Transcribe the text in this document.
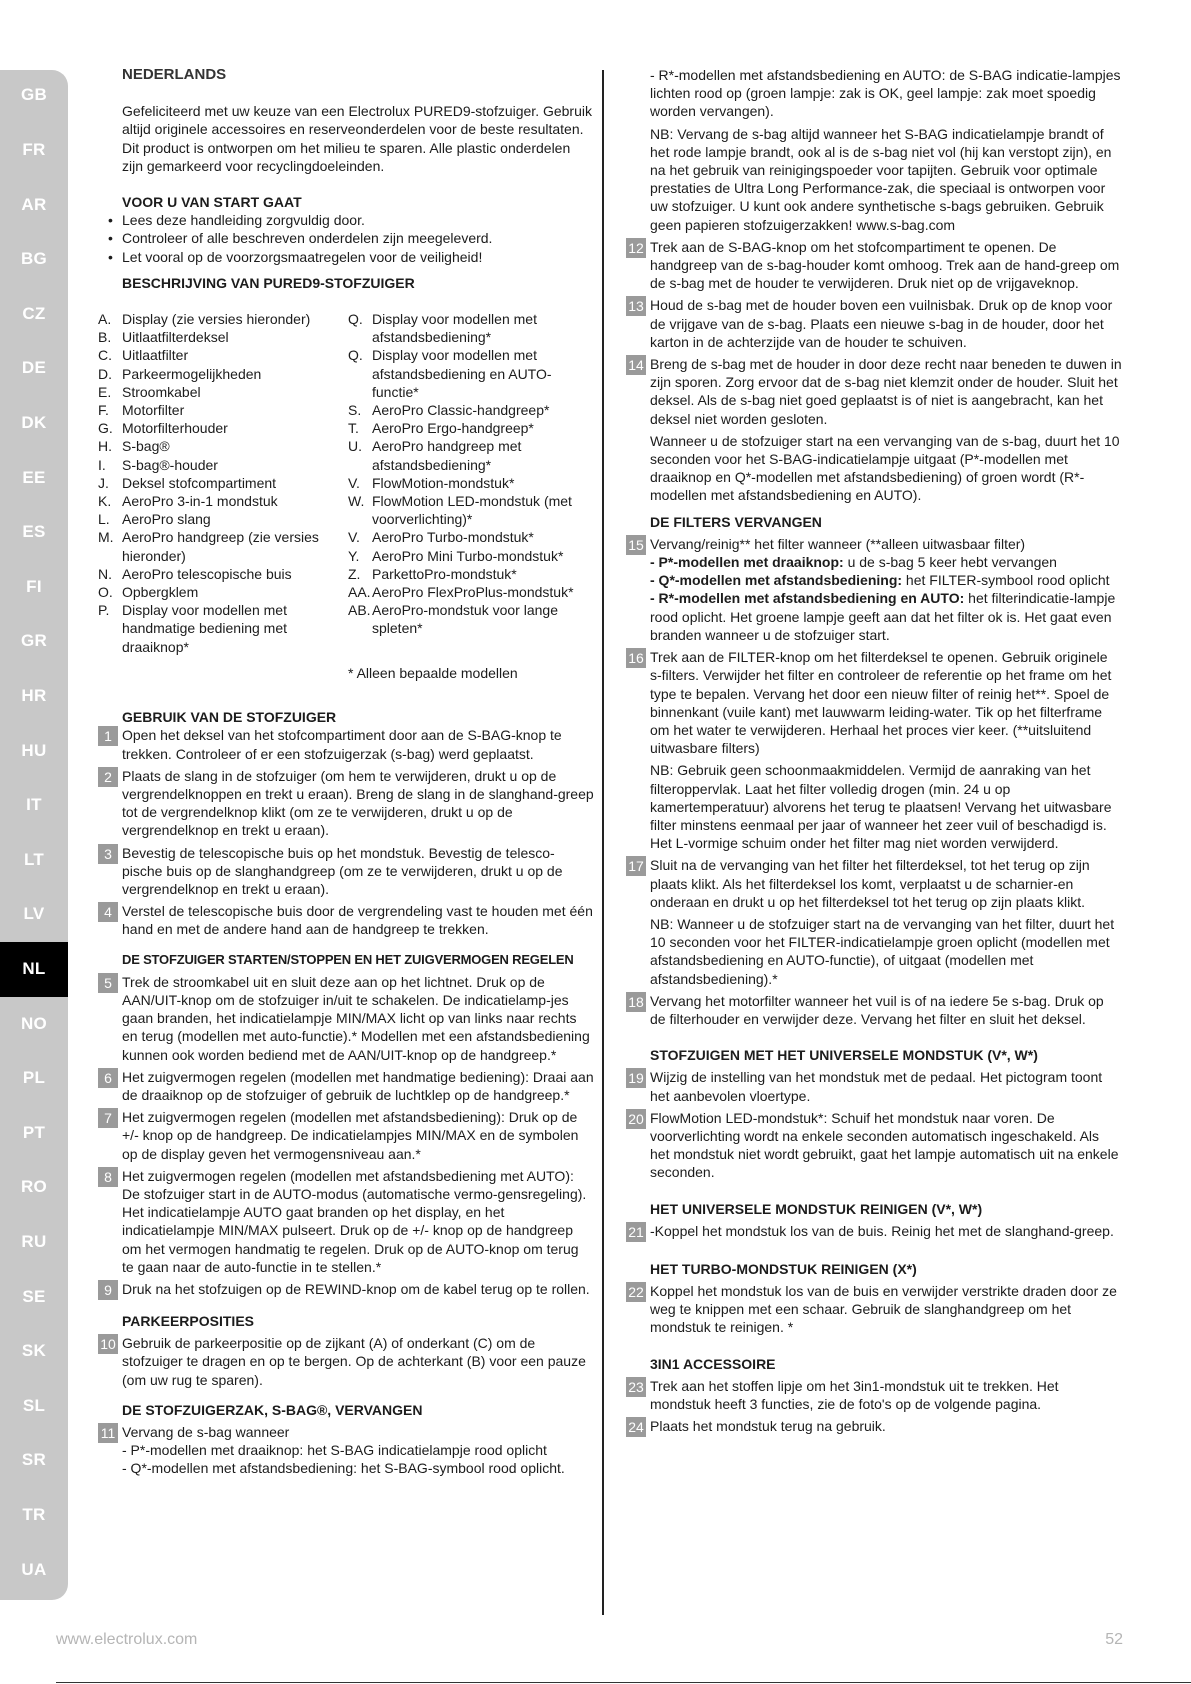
GB
FR
AR
BG
CZ
DE
DK
EE
ES
FI
GR
HR
HU
IT
LT
LV
NL
NO
PL
PT
RO
RU
SE
SK
SL
SR
TR
UA

NEDERLANDS

Gefeliciteerd met uw keuze van een Electrolux PURED9-stofzuiger. Gebruik altijd originele accessoires en reserveonderdelen voor de beste resultaten. Dit product is ontworpen om het milieu te sparen. Alle plastic onderdelen zijn gemarkeerd voor recyclingdoeleinden.

VOOR U VAN START GAAT

• Lees deze handleiding zorgvuldig door.
• Controleer of alle beschreven onderdelen zijn meegeleverd.
• Let vooral op de voorzorgsmaatregelen voor de veiligheid!

BESCHRIJVING VAN PURED9-STOFZUIGER

A. Display (zie versies hieronder)
B. Uitlaatfilterdeksel
C. Uitlaatfilter
D. Parkeermogelijkheden
E. Stroomkabel
F. Motorfilter
G. Motorfilterhouder
H. S-bag®
I.	S-bag®-houder
J. Deksel stofcompartiment
K. AeroPro 3-in-1 mondstuk
L. AeroPro slang
M. AeroPro handgreep (zie versies hieronder)
N. AeroPro telescopische buis
O. Opbergklem
P. Display voor modellen met handmatige bediening met draaiknop*
Q. Display voor modellen met afstandsbediening*
Q. Display voor modellen met afstandsbediening en AUTO-functie*
S. AeroPro Classic-handgreep*
T. AeroPro Ergo-handgreep*
U. AeroPro handgreep met afstandsbediening*
V. FlowMotion-mondstuk*
W. FlowMotion LED-mondstuk (met voorverlichting)*
V. AeroPro Turbo-mondstuk*
Y. AeroPro Mini Turbo-mondstuk*
Z. ParkettoPro-mondstuk*
AA. AeroPro FlexProPlus-mondstuk*
AB. AeroPro-mondstuk voor lange spleten*

* Alleen bepaalde modellen

GEBRUIK VAN DE STOFZUIGER

1 Open het deksel van het stofcompartiment door aan de S-BAG-knop te trekken. Controleer of er een stofzuigerzak (s-bag) werd geplaatst.
2 Plaats de slang in de stofzuiger (om hem te verwijderen, drukt u op de vergrendelknoppen en trekt u eraan). Breng de slang in de slanghand-greep tot de vergrendelknop klikt (om ze te verwijderen, drukt u op de vergrendelknop en trekt u eraan).
3 Bevestig de telescopische buis op het mondstuk. Bevestig de telesco-pische buis op de slanghandgreep (om ze te verwijderen, drukt u op de vergrendelknop en trekt u eraan).
4 Verstel de telescopische buis door de vergrendeling vast te houden met één hand en met de andere hand aan de handgreep te trekken.

DE STOFZUIGER STARTEN/STOPPEN EN HET ZUIGVERMOGEN REGELEN

5 Trek de stroomkabel uit en sluit deze aan op het lichtnet. Druk op de AAN/UIT-knop om de stofzuiger in/uit te schakelen. De indicatielamp-jes gaan branden, het indicatielampje MIN/MAX licht op van links naar rechts en terug (modellen met auto-functie).* Modellen met een afstandsbediening kunnen ook worden bediend met de AAN/UIT-knop op de handgreep.*
6 Het zuigvermogen regelen (modellen met handmatige bediening): Draai aan de draaiknop op de stofzuiger of gebruik de luchtklep op de handgreep.*
7 Het zuigvermogen regelen (modellen met afstandsbediening): Druk op de +/- knop op de handgreep. De indicatielampjes MIN/MAX en de symbolen op de display geven het vermogensniveau aan.*
8 Het zuigvermogen regelen (modellen met afstandsbediening met AUTO): De stofzuiger start in de AUTO-modus (automatische vermo-gensregeling). Het indicatielampje AUTO gaat branden op het display, en het indicatielampje MIN/MAX pulseert. Druk op de +/- knop op de handgreep om het vermogen handmatig te regelen. Druk op de AUTO-knop om terug te gaan naar de auto-functie in te stellen.*
9 Druk na het stofzuigen op de REWIND-knop om de kabel terug op te rollen.

PARKEERPOSITIES

10 Gebruik de parkeerpositie op de zijkant (A) of onderkant (C) om de stofzuiger te dragen en op te bergen. Op de achterkant (B) voor een pauze (om uw rug te sparen).

DE STOFZUIGERZAK, S-BAG®, VERVANGEN

11 Vervang de s-bag wanneer
- P*-modellen met draaiknop: het S-BAG indicatielampje rood oplicht
- Q*-modellen met afstandsbediening: het S-BAG-symbool rood oplicht.

- R*-modellen met afstandsbediening en AUTO: de S-BAG indicatie-lampjes lichten rood op (groen lampje: zak is OK, geel lampje: zak moet spoedig worden vervangen).

NB: Vervang de s-bag altijd wanneer het S-BAG indicatielampje brandt of het rode lampje brandt, ook al is de s-bag niet vol (hij kan verstopt zijn), en na het gebruik van reinigingspoeder voor tapijten. Gebruik voor optimale prestaties de Ultra Long Performance-zak, die speciaal is ontworpen voor uw stofzuiger. U kunt ook andere synthetische s-bags gebruiken. Gebruik geen papieren stofzuigerzakken! www.s-bag.com

12 Trek aan de S-BAG-knop om het stofcompartiment te openen. De handgreep van de s-bag-houder komt omhoog. Trek aan de hand-greep om de s-bag met de houder te verwijderen. Druk niet op de vrijgaveknop.
13 Houd de s-bag met de houder boven een vuilnisbak. Druk op de knop voor de vrijgave van de s-bag. Plaats een nieuwe s-bag in de houder, door het karton in de achterzijde van de houder te schuiven.
14 Breng de s-bag met de houder in door deze recht naar beneden te duwen in zijn sporen. Zorg ervoor dat de s-bag niet klemzit onder de houder. Sluit het deksel. Als de s-bag niet goed geplaatst is of niet is aangebracht, kan het deksel niet worden gesloten.

Wanneer u de stofzuiger start na een vervanging van de s-bag, duurt het 10 seconden voor het S-BAG-indicatielampje uitgaat (P*-modellen met draaiknop en Q*-modellen met afstandsbediening) of groen wordt (R*-modellen met afstandsbediening en AUTO).

DE FILTERS VERVANGEN

15 Vervang/reinig** het filter wanneer (**alleen uitwasbaar filter)
- P*-modellen met draaiknop: u de s-bag 5 keer hebt vervangen
- Q*-modellen met afstandsbediening: het FILTER-symbool rood oplicht
- R*-modellen met afstandsbediening en AUTO: het filterindicatie-lampje rood oplicht. Het groene lampje geeft aan dat het filter ok is. Het gaat even branden wanneer u de stofzuiger start.
16 Trek aan de FILTER-knop om het filterdeksel te openen. Gebruik originele s-filters. Verwijder het filter en controleer de referentie op het frame om het type te bepalen. Vervang het door een nieuw filter of reinig het**. Spoel de binnenkant (vuile kant) met lauwwarm leiding-water. Tik op het filterframe om het water te verwijderen. Herhaal het proces vier keer. (**uitsluitend uitwasbare filters)

NB: Gebruik geen schoonmaakmiddelen. Vermijd de aanraking van het filteroppervlak. Laat het filter volledig drogen (min. 24 u op kamertemperatuur) alvorens het terug te plaatsen! Vervang het uitwasbare filter minstens eenmaal per jaar of wanneer het zeer vuil of beschadigd is. Het L-vormige schuim onder het filter mag niet worden verwijderd.

17 Sluit na de vervanging van het filter het filterdeksel, tot het terug op zijn plaats klikt. Als het filterdeksel los komt, verplaatst u de scharnier-en onderaan en drukt u op het filterdeksel tot het terug op zijn plaats klikt.

NB: Wanneer u de stofzuiger start na de vervanging van het filter, duurt het 10 seconden voor het FILTER-indicatielampje groen oplicht (modellen met afstandsbediening en AUTO-functie), of uitgaat (modellen met afstandsbediening).*

18 Vervang het motorfilter wanneer het vuil is of na iedere 5e s-bag. Druk op de filterhouder en verwijder deze. Vervang het filter en sluit het deksel.

STOFZUIGEN MET HET UNIVERSELE MONDSTUK (V*, W*)

19 Wijzig de instelling van het mondstuk met de pedaal. Het pictogram toont het aanbevolen vloertype.
20 FlowMotion LED-mondstuk*: Schuif het mondstuk naar voren. De voorverlichting wordt na enkele seconden automatisch ingeschakeld. Als het mondstuk niet wordt gebruikt, gaat het lampje automatisch uit na enkele seconden.

HET UNIVERSELE MONDSTUK REINIGEN (V*, W*)

21 -Koppel het mondstuk los van de buis. Reinig het met de slanghand-greep.

HET TURBO-MONDSTUK REINIGEN (X*)

22 Koppel het mondstuk los van de buis en verwijder verstrikte draden door ze weg te knippen met een schaar. Gebruik de slanghandgreep om het mondstuk te reinigen. *

3IN1 ACCESSOIRE

23 Trek aan het stoffen lipje om het 3in1-mondstuk uit te trekken. Het mondstuk heeft 3 functies, zie de foto's op de volgende pagina.
24 Plaats het mondstuk terug na gebruik.
www.electrolux.com	52
